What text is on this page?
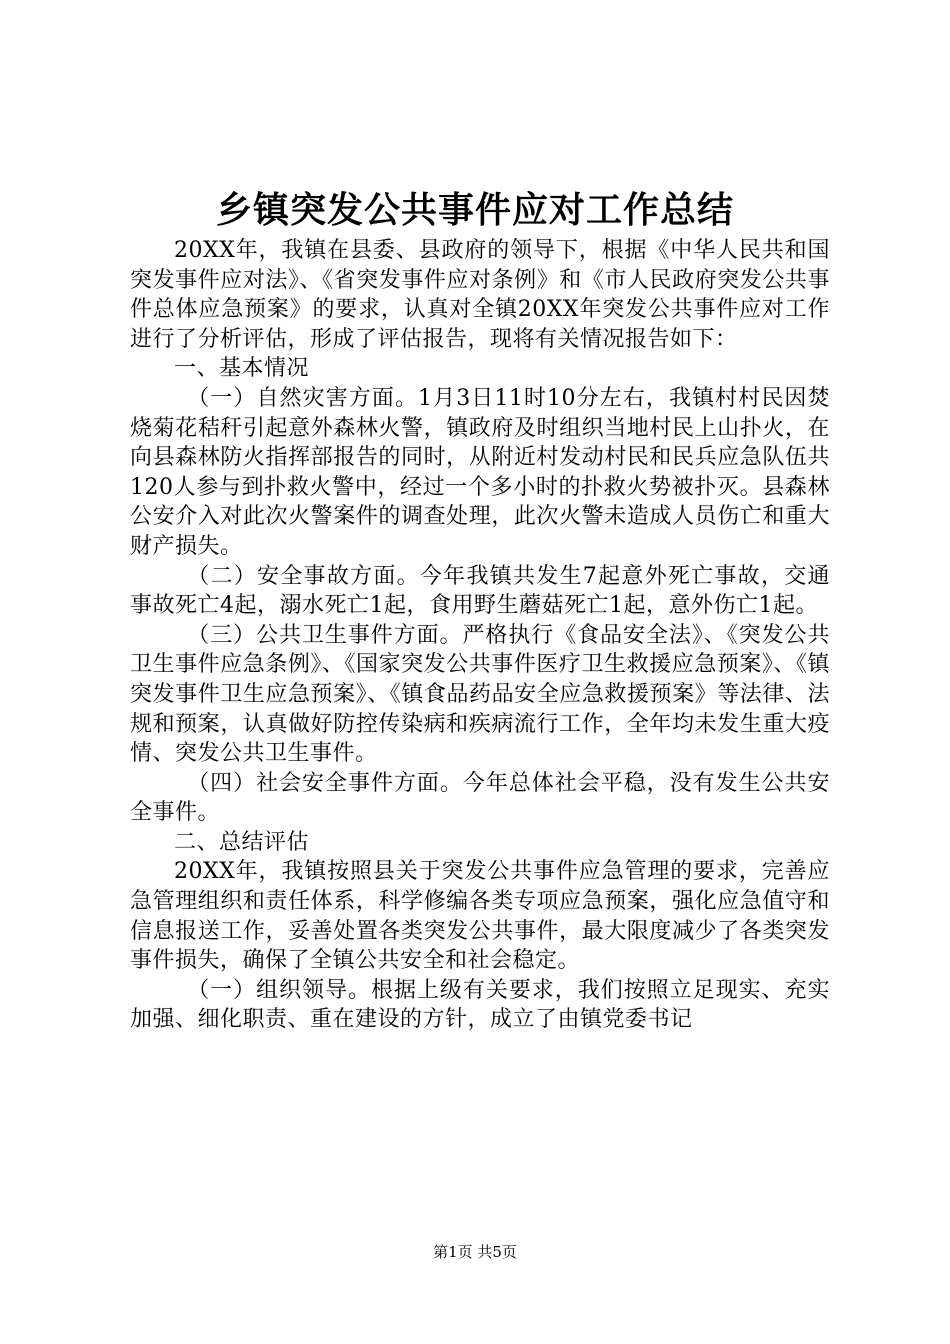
乡镇突发公共事件应对工作总结

20XX年，我镇在县委、县政府的领导下，根据《中华人民共和国突发事件应对法》、《省突发事件应对条例》和《市人民政府突发公共事件总体应急预案》的要求，认真对全镇20XX年突发公共事件应对工作进行了分析评估，形成了评估报告，现将有关情况报告如下：

一、基本情况

（一）自然灾害方面。1月3日11时10分左右，我镇村村民因焚烧菊花秸秆引起意外森林火警，镇政府及时组织当地村民上山扑火，在向县森林防火指挥部报告的同时，从附近村发动村民和民兵应急队伍共120人参与到扑救火警中，经过一个多小时的扑救火势被扑灭。县森林公安介入对此次火警案件的调查处理，此次火警未造成人员伤亡和重大财产损失。

（二）安全事故方面。今年我镇共发生7起意外死亡事故，交通事故死亡4起，溺水死亡1起，食用野生蘑菇死亡1起，意外伤亡1起。

（三）公共卫生事件方面。严格执行《食品安全法》、《突发公共卫生事件应急条例》、《国家突发公共事件医疗卫生救援应急预案》、《镇突发事件卫生应急预案》、《镇食品药品安全应急救援预案》等法律、法规和预案，认真做好防控传染病和疾病流行工作，全年均未发生重大疫情、突发公共卫生事件。

（四）社会安全事件方面。今年总体社会平稳，没有发生公共安全事件。

二、总结评估

20XX年，我镇按照县关于突发公共事件应急管理的要求，完善应急管理组织和责任体系，科学修编各类专项应急预案，强化应急值守和信息报送工作，妥善处置各类突发公共事件，最大限度减少了各类突发事件损失，确保了全镇公共安全和社会稳定。

（一）组织领导。根据上级有关要求，我们按照立足现实、充实加强、细化职责、重在建设的方针，成立了由镇党委书记

第1页 共5页
